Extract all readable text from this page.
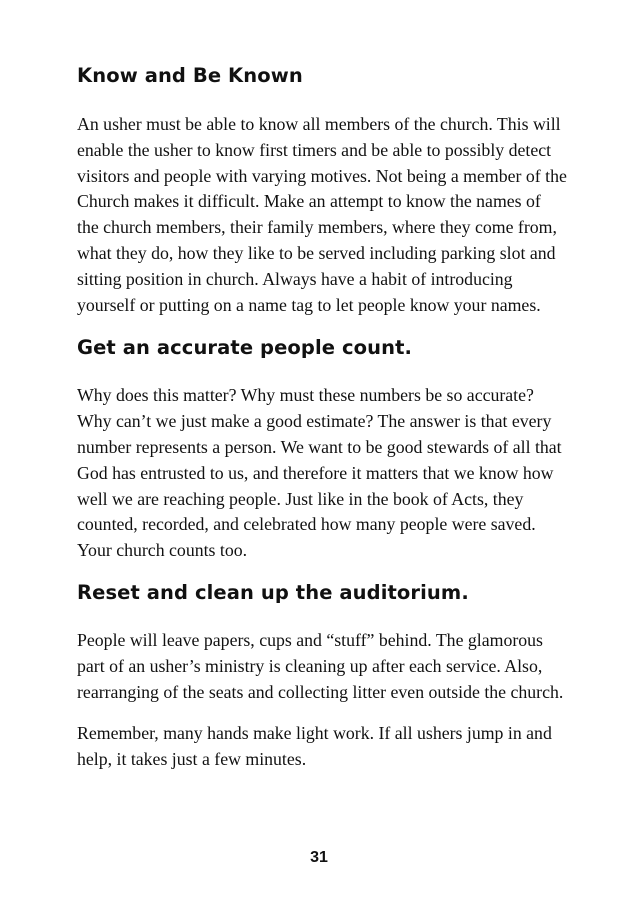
Know and Be Known

An usher must be able to know all members of the church. This will enable the usher to know first timers and be able to possibly detect visitors and people with varying motives. Not being a member of the Church makes it difficult. Make an attempt to know the names of the church members, their family members, where they come from, what they do, how they like to be served including parking slot and sitting position in church. Always have a habit of introducing yourself or putting on a name tag to let people know your names.

Get an accurate people count.

Why does this matter? Why must these numbers be so accurate? Why can’t we just make a good estimate? The answer is that every number represents a person. We want to be good stewards of all that God has entrusted to us, and therefore it matters that we know how well we are reaching people. Just like in the book of Acts, they counted, recorded, and celebrated how many people were saved. Your church counts too.

Reset and clean up the auditorium.

People will leave papers, cups and “stuff” behind. The glamorous part of an usher’s ministry is cleaning up after each service. Also, rearranging of the seats and collecting litter even outside the church.

Remember, many hands make light work. If all ushers jump in and help, it takes just a few minutes.

31
